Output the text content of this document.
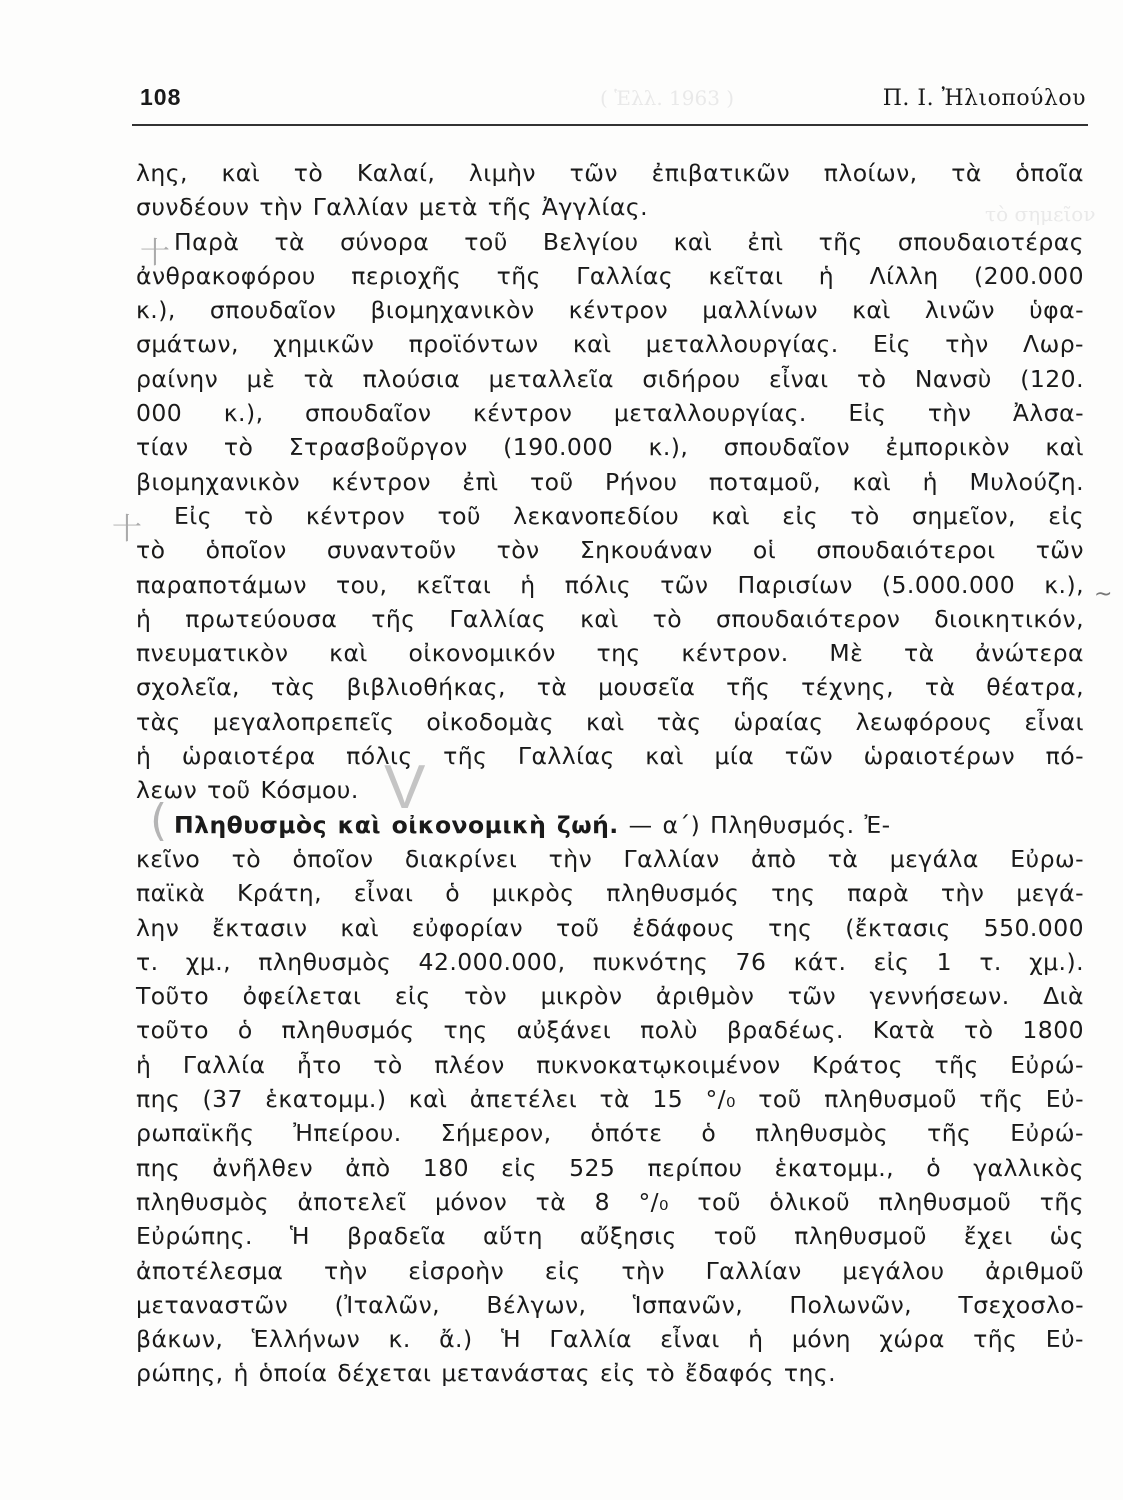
( Ἑλλ. 1963 )
τὸ σημεῖον
108	Π. Ι. Ἠλιοπούλου
λης, καὶ τὸ Καλαί, λιμὴν τῶν ἐπιβατικῶν πλοίων, τὰ ὁποῖα
συνδέουν τὴν Γαλλίαν μετὰ τῆς Ἀγγλίας.
Παρὰ τὰ σύνορα τοῦ Βελγίου καὶ ἐπὶ τῆς σπουδαιοτέρας
ἀνθρακοφόρου περιοχῆς τῆς Γαλλίας κεῖται ἡ Λίλλη (200.000
κ.), σπουδαῖον βιομηχανικὸν κέντρον μαλλίνων καὶ λινῶν ὑφα-
σμάτων, χημικῶν προϊόντων καὶ μεταλλουργίας. Εἰς τὴν Λωρ-
ραίνην μὲ τὰ πλούσια μεταλλεῖα σιδήρου εἶναι τὸ Νανσὺ (120.
000 κ.), σπουδαῖον κέντρον μεταλλουργίας. Εἰς τὴν Ἀλσα-
τίαν τὸ Στρασβοῦργον (190.000 κ.), σπουδαῖον ἐμπορικὸν καὶ
βιομηχανικὸν κέντρον ἐπὶ τοῦ Ρήνου ποταμοῦ, καὶ ἡ Μυλούζη.
Εἰς τὸ κέντρον τοῦ λεκανοπεδίου καὶ εἰς τὸ σημεῖον, εἰς
τὸ ὁποῖον συναντοῦν τὸν Σηκουάναν οἱ σπουδαιότεροι τῶν
παραποτάμων του, κεῖται ἡ πόλις τῶν Παρισίων (5.000.000 κ.),
ἡ πρωτεύουσα τῆς Γαλλίας καὶ τὸ σπουδαιότερον διοικητικόν,
πνευματικὸν καὶ οἰκονομικόν της κέντρον. Μὲ τὰ ἀνώτερα
σχολεῖα, τὰς βιβλιοθήκας, τὰ μουσεῖα τῆς τέχνης, τὰ θέατρα,
τὰς μεγαλοπρεπεῖς οἰκοδομὰς καὶ τὰς ὡραίας λεωφόρους εἶναι
ἡ ὡραιοτέρα πόλις τῆς Γαλλίας καὶ μία τῶν ὡραιοτέρων πό-
λεων τοῦ Κόσμου.
Πληθυσμὸς καὶ οἰκονομικὴ ζωή. — α΄) Πληθυσμός. Ἐ-
κεῖνο τὸ ὁποῖον διακρίνει τὴν Γαλλίαν ἀπὸ τὰ μεγάλα Εὐρω-
παϊκὰ Κράτη, εἶναι ὁ μικρὸς πληθυσμός της παρὰ τὴν μεγά-
λην ἔκτασιν καὶ εὐφορίαν τοῦ ἐδάφους της (ἔκτασις 550.000
τ. χμ., πληθυσμὸς 42.000.000, πυκνότης 76 κάτ. εἰς 1 τ. χμ.).
Τοῦτο ὀφείλεται εἰς τὸν μικρὸν ἀριθμὸν τῶν γεννήσεων. Διὰ
τοῦτο ὁ πληθυσμός της αὐξάνει πολὺ βραδέως. Κατὰ τὸ 1800
ἡ Γαλλία ἦτο τὸ πλέον πυκνοκατῳκοιμένον Κράτος τῆς Εὐρώ-
πης (37 ἑκατομμ.) καὶ ἀπετέλει τὰ 15 °/₀ τοῦ πληθυσμοῦ τῆς Εὐ-
ρωπαϊκῆς Ἠπείρου. Σήμερον, ὁπότε ὁ πληθυσμὸς τῆς Εὐρώ-
πης ἀνῆλθεν ἀπὸ 180 εἰς 525 περίπου ἑκατομμ., ὁ γαλλικὸς
πληθυσμὸς ἀποτελεῖ μόνον τὰ 8 °/₀ τοῦ ὁλικοῦ πληθυσμοῦ τῆς
Εὐρώπης. Ἡ βραδεῖα αὕτη αὔξησις τοῦ πληθυσμοῦ ἔχει ὡς
ἀποτέλεσμα τὴν εἰσροὴν εἰς τὴν Γαλλίαν μεγάλου ἀριθμοῦ
μεταναστῶν (Ἰταλῶν, Βέλγων, Ἱσπανῶν, Πολωνῶν, Τσεχοσλο-
βάκων, Ἑλλήνων κ. ἄ.) Ἡ Γαλλία εἶναι ἡ μόνη χώρα τῆς Εὐ-
ρώπης, ἡ ὁποία δέχεται μετανάστας εἰς τὸ ἔδαφός της.
⼗
⼗
~
(	V
